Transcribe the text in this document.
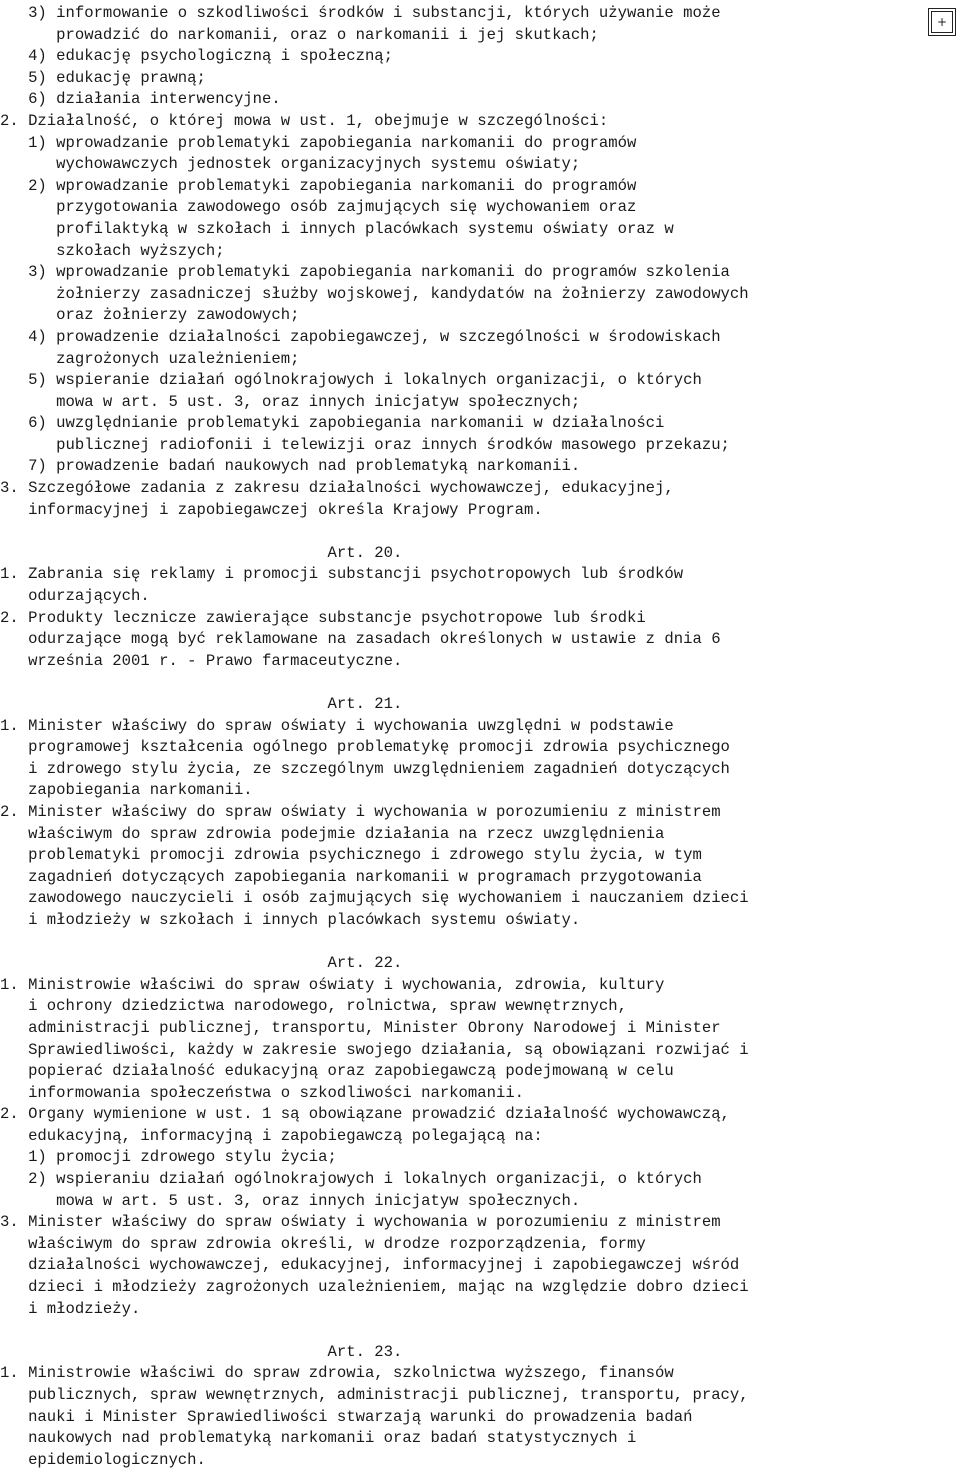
3) informowanie o szkodliwości środków i substancji, których używanie może
prowadzić do narkomanii, oraz o narkomanii i jej skutkach;
4) edukację psychologiczną i społeczną;
5) edukację prawną;
6) działania interwencyjne.
2. Działalność, o której mowa w ust. 1, obejmuje w szczególności:
1) wprowadzanie problematyki zapobiegania narkomanii do programów
wychowawczych jednostek organizacyjnych systemu oświaty;
2) wprowadzanie problematyki zapobiegania narkomanii do programów
przygotowania zawodowego osób zajmujących się wychowaniem oraz
profilaktyką w szkołach i innych placówkach systemu oświaty oraz w
szkołach wyższych;
3) wprowadzanie problematyki zapobiegania narkomanii do programów szkolenia
żołnierzy zasadniczej służby wojskowej, kandydatów na żołnierzy zawodowych
oraz żołnierzy zawodowych;
4) prowadzenie działalności zapobiegawczej, w szczególności w środowiskach
zagrożonych uzależnieniem;
5) wspieranie działań ogólnokrajowych i lokalnych organizacji, o których
mowa w art. 5 ust. 3, oraz innych inicjatyw społecznych;
6) uwzględnianie problematyki zapobiegania narkomanii w działalności
publicznej radiofonii i telewizji oraz innych środków masowego przekazu;
7) prowadzenie badań naukowych nad problematyką narkomanii.
3. Szczegółowe zadania z zakresu działalności wychowawczej, edukacyjnej,
informacyjnej i zapobiegawczej określa Krajowy Program.
Art. 20.
1. Zabrania się reklamy i promocji substancji psychotropowych lub środków
odurzających.
2. Produkty lecznicze zawierające substancje psychotropowe lub środki
odurzające mogą być reklamowane na zasadach określonych w ustawie z dnia 6
września 2001 r. - Prawo farmaceutyczne.
Art. 21.
1. Minister właściwy do spraw oświaty i wychowania uwzględni w podstawie
programowej kształcenia ogólnego problematykę promocji zdrowia psychicznego
i zdrowego stylu życia, ze szczególnym uwzględnieniem zagadnień dotyczących
zapobiegania narkomanii.
2. Minister właściwy do spraw oświaty i wychowania w porozumieniu z ministrem
właściwym do spraw zdrowia podejmie działania na rzecz uwzględnienia
problematyki promocji zdrowia psychicznego i zdrowego stylu życia, w tym
zagadnień dotyczących zapobiegania narkomanii w programach przygotowania
zawodowego nauczycieli i osób zajmujących się wychowaniem i nauczaniem dzieci
i młodzieży w szkołach i innych placówkach systemu oświaty.
Art. 22.
1. Ministrowie właściwi do spraw oświaty i wychowania, zdrowia, kultury
i ochrony dziedzictwa narodowego, rolnictwa, spraw wewnętrznych,
administracji publicznej, transportu, Minister Obrony Narodowej i Minister
Sprawiedliwości, każdy w zakresie swojego działania, są obowiązani rozwijać i
popierać działalność edukacyjną oraz zapobiegawczą podejmowaną w celu
informowania społeczeństwa o szkodliwości narkomanii.
2. Organy wymienione w ust. 1 są obowiązane prowadzić działalność wychowawczą,
edukacyjną, informacyjną i zapobiegawczą polegającą na:
1) promocji zdrowego stylu życia;
2) wspieraniu działań ogólnokrajowych i lokalnych organizacji, o których
mowa w art. 5 ust. 3, oraz innych inicjatyw społecznych.
3. Minister właściwy do spraw oświaty i wychowania w porozumieniu z ministrem
właściwym do spraw zdrowia określi, w drodze rozporządzenia, formy
działalności wychowawczej, edukacyjnej, informacyjnej i zapobiegawczej wśród
dzieci i młodzieży zagrożonych uzależnieniem, mając na względzie dobro dzieci
i młodzieży.
Art. 23.
1. Ministrowie właściwi do spraw zdrowia, szkolnictwa wyższego, finansów
publicznych, spraw wewnętrznych, administracji publicznej, transportu, pracy,
nauki i Minister Sprawiedliwości stwarzają warunki do prowadzenia badań
naukowych nad problematyką narkomanii oraz badań statystycznych i
epidemiologicznych.
+
